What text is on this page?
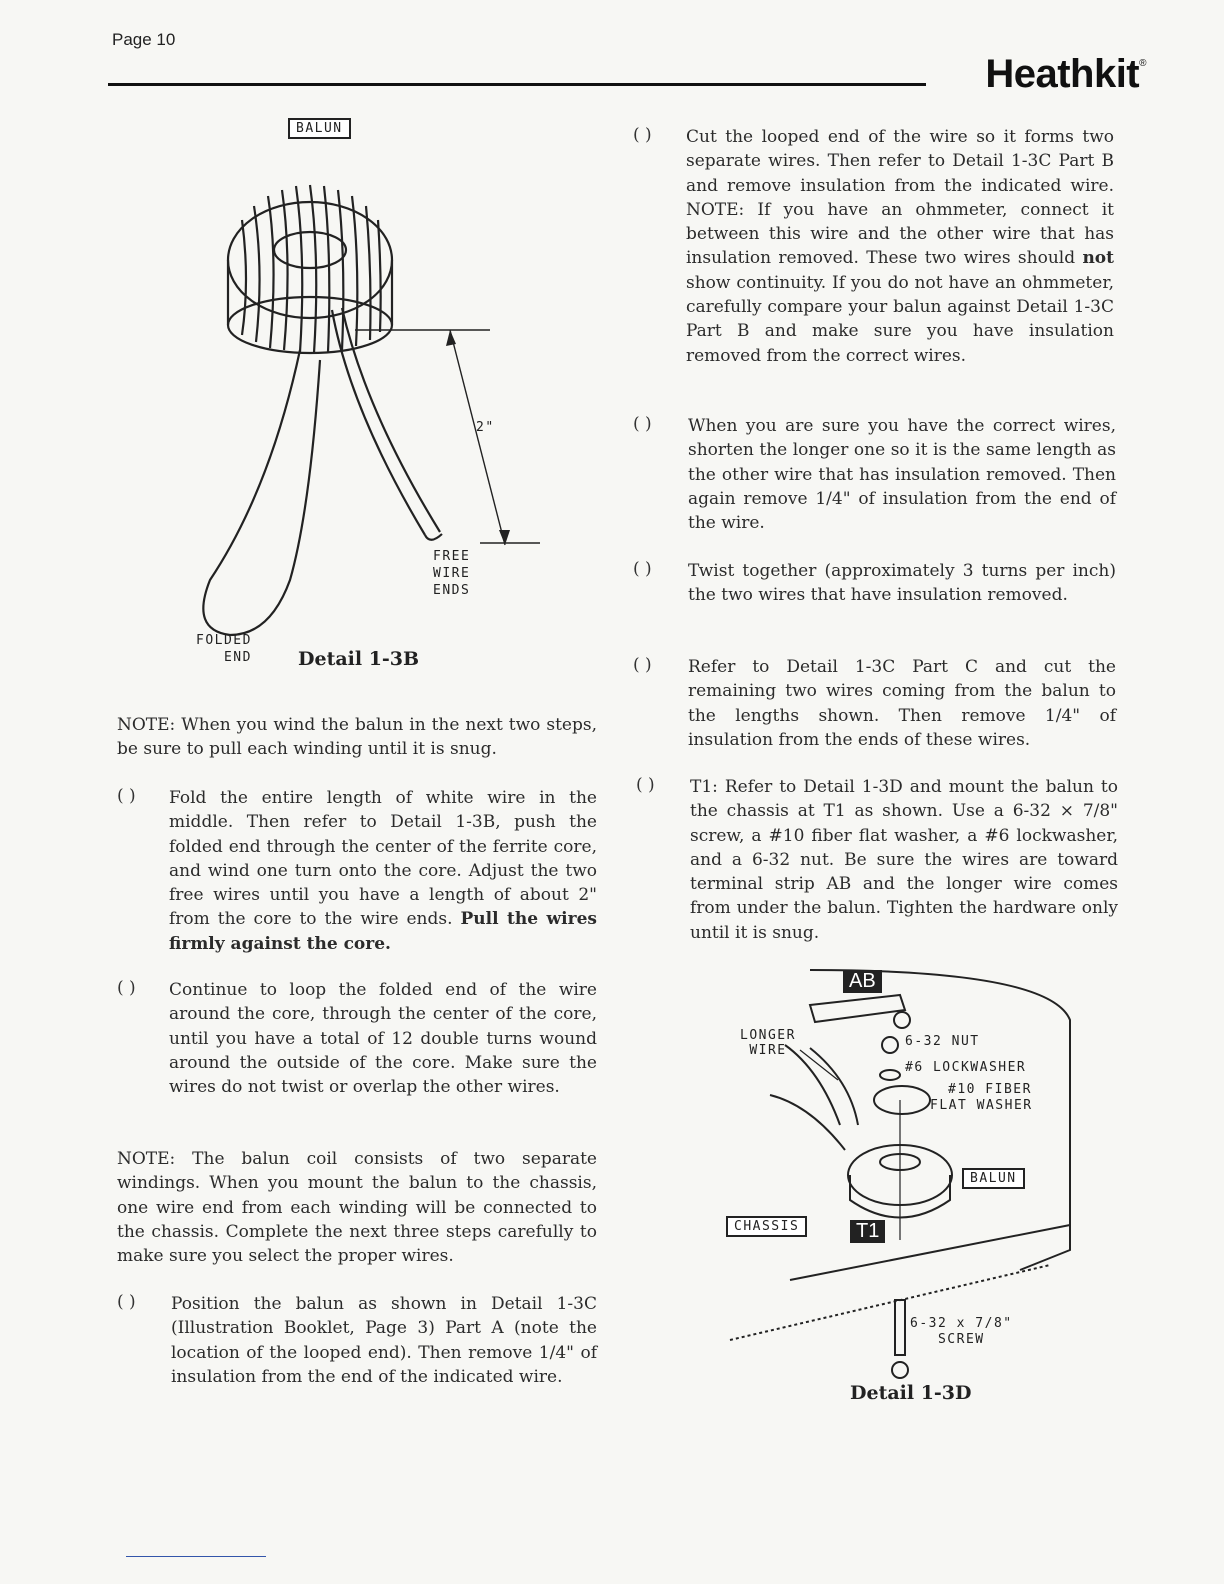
Page 10
Heathkit®
BALUN
2"
FREE
WIRE
ENDS
FOLDED
END Detail 1-3B
NOTE: When you wind the balun in the next two steps, be sure to pull each winding until it is snug.
( ) Fold the entire length of white wire in the middle. Then refer to Detail 1-3B, push the folded end through the center of the ferrite core, and wind one turn onto the core. Adjust the two free wires until you have a length of about 2" from the core to the wire ends. Pull the wires firmly against the core.
( ) Continue to loop the folded end of the wire around the core, through the center of the core, until you have a total of 12 double turns wound around the outside of the core. Make sure the wires do not twist or overlap the other wires.
NOTE: The balun coil consists of two separate windings. When you mount the balun to the chassis, one wire end from each winding will be connected to the chassis. Complete the next three steps carefully to make sure you select the proper wires.
( ) Position the balun as shown in Detail 1-3C (Illustration Booklet, Page 3) Part A (note the location of the looped end). Then remove 1/4" of insulation from the end of the indicated wire.
( ) Cut the looped end of the wire so it forms two separate wires. Then refer to Detail 1-3C Part B and remove insulation from the indicated wire. NOTE: If you have an ohmmeter, connect it between this wire and the other wire that has insulation removed. These two wires should not show continuity. If you do not have an ohmmeter, carefully compare your balun against Detail 1-3C Part B and make sure you have insulation removed from the correct wires.
( ) When you are sure you have the correct wires, shorten the longer one so it is the same length as the other wire that has insulation removed. Then again remove 1/4" of insulation from the end of the wire.
( ) Twist together (approximately 3 turns per inch) the two wires that have insulation removed.
( ) Refer to Detail 1-3C Part C and cut the remaining two wires coming from the balun to the lengths shown. Then remove 1/4" of insulation from the ends of these wires.
( ) T1: Refer to Detail 1-3D and mount the balun to the chassis at T1 as shown. Use a 6-32 × 7/8" screw, a #10 fiber flat washer, a #6 lockwasher, and a 6-32 nut. Be sure the wires are toward terminal strip AB and the longer wire comes from under the balun. Tighten the hardware only until it is snug.
AB
LONGER
WIRE
6-32 NUT
#6 LOCKWASHER
#10 FIBER
FLAT WASHER
BALUN
CHASSIS	T1
6-32 x 7/8"
SCREW
Detail 1-3D
